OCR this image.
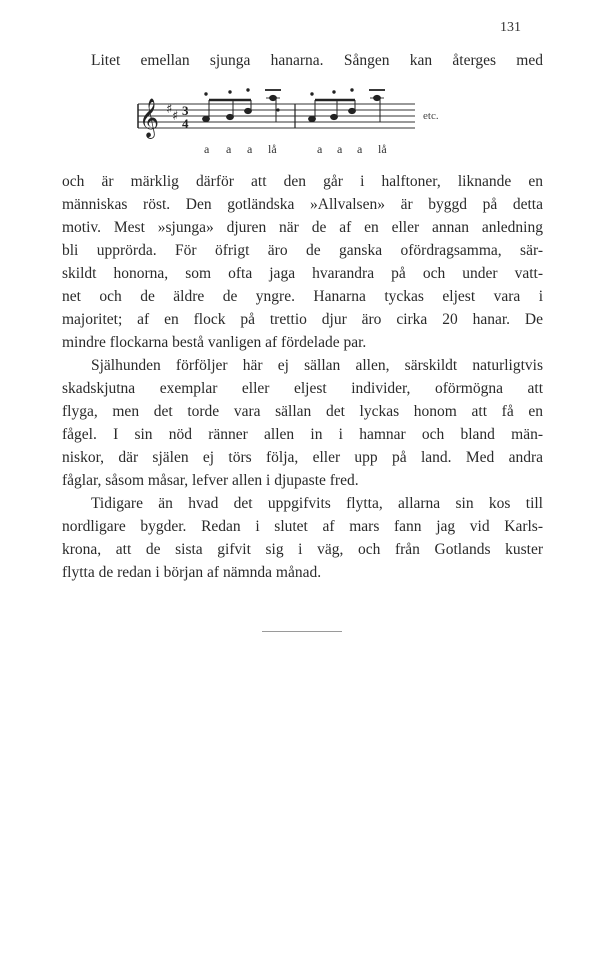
131
Litet emellan sjunga hanarna. Sången kan återges med
𝄞 ♯ ♯ 3
4	etc.
a a a lå	a a a lå
och är märklig därför att den går i halftoner, liknande en
människas röst. Den gotländska »Allvalsen» är byggd på detta
motiv. Mest »sjunga» djuren när de af en eller annan anledning
bli upprörda. För öfrigt äro de ganska ofördragsamma, sär-
skildt honorna, som ofta jaga hvarandra på och under vatt-
net och de äldre de yngre. Hanarna tyckas eljest vara i
majoritet; af en flock på trettio djur äro cirka 20 hanar. De
mindre flockarna bestå vanligen af fördelade par.
Själhunden förföljer här ej sällan allen, särskildt naturligtvis
skadskjutna exemplar eller eljest individer, oförmögna att
flyga, men det torde vara sällan det lyckas honom att få en
fågel. I sin nöd ränner allen in i hamnar och bland män-
niskor, där själen ej törs följa, eller upp på land. Med andra
fåglar, såsom måsar, lefver allen i djupaste fred.
Tidigare än hvad det uppgifvits flytta, allarna sin kos till
nordligare bygder. Redan i slutet af mars fann jag vid Karls-
krona, att de sista gifvit sig i väg, och från Gotlands kuster
flytta de redan i början af nämnda månad.
